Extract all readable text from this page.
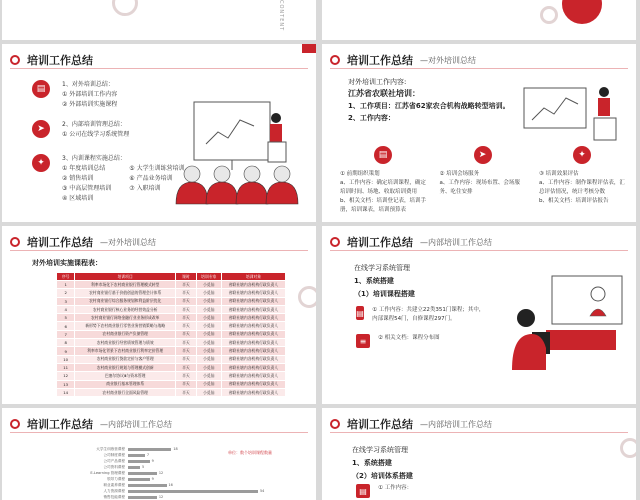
CONTENT
培训工作总结
▤	1、对外培训总结：
① 外部培训工作内容
② 外部培训实施课程
➤	2、内部培训管理总结：
① 公司在线学习系统管理
✦	3、内训课程实施总结：
① 年度培训总结
② 销售培训
③ 中高层管理培训
④ 区域培训
⑤ 大学生训练营培训
⑥ 产品业务培训
⑦ 入职培训
培训工作总结 —对外培训总结
对外培训工作内容:
江苏省农联社培训：
1、工作项目：江苏省62家农合机构战略转型培训。
2、工作内容：
▤

① 前期组织策划

a、工作内容：确定培训课程，确定培训时间、场地、收取培训费用

b、相关文档：培训登记表，培训手册，培训课表，培训预算表

➤

② 培训会场服务

a、工作内容：现场布置、会场服务、吃住安排

✦

③ 培训效果评估

a、工作内容：制作课程评估表，汇总评估情况，统计考核分数

b、相关文档：培训评估报告

培训工作总结 —对外培训总结
对外培训实施课程表：
序号	培训项目	课时	培训专家	培训对象
1	利率市场化下农村商业银行管理模式转型	半天	小觅仙	省联社辖内各机构行政负责人
2	农村商业银行基于价值创造的管理会计体系	半天	小觅仙	省联社辖内各机构行政负责人
3	农村商业银行综合服务规划和利益阶层优化	半天	小觅仙	省联社辖内各机构行政负责人
4	农村商业银行核心业务的经营效益分析	半天	小觅仙	省联社辖内各机构行政负责人
5	农村商业银行网络金融行业业务形成改革	半天	小觅仙	省联社辖内各机构行政负责人
6	新形势下农村商业银行零售业务营销策略与战略	半天	小觅仙	省联社辖内各机构行政负责人
7	农村商业银行资产负债管理	半天	小觅仙	省联社辖内各机构行政负责人
8	农村商业银行经营绩效管理与绩效	半天	小觅仙	省联社辖内各机构行政负责人
9	利率市场化背景下农村商业银行利率定价管理	半天	小觅仙	省联社辖内各机构行政负责人
10	农村商业银行贷款定价与客户管理	半天	小觅仙	省联社辖内各机构行政负责人
11	农村商业银行规划与管理模式创新	半天	小觅仙	省联社辖内各机构行政负责人
12	巴塞尔协议Ⅲ与资本管理	半天	小觅仙	省联社辖内各机构行政负责人
13	商业银行基本管理体系	半天	小觅仙	省联社辖内各机构行政负责人
14	农村商业银行全面风险管理	半天	小觅仙	省联社辖内各机构行政负责人
培训工作总结 —内部培训工作总结
在线学习系统管理
1、系统搭建
（1）培训课程搭建
▤ ① 工作内容：共建立22类351门课程；其中，内部课程54门，自修课程297门。

≡	② 相关文档：课程分布图

培训工作总结 —内部培训工作总结
单位：数个培训课程数量
大学生训练营课程	18
公司制度课程	7
公司产品课程	9
公司资料课程	5
E-Learning 管理课程	12
领导力课程	9
职业素养课程	16
人力资源课程	54
销售技能课程	12
培训工作总结 —内部培训工作总结
在线学习系统管理
1、系统搭建
（2）培训体系搭建
▤	① 工作内容：
